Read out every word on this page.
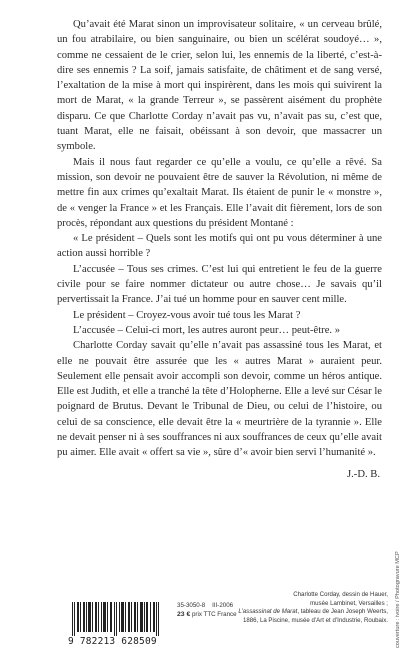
Qu’avait été Marat sinon un improvisateur solitaire, « un cerveau brûlé, un fou atrabilaire, ou bien sanguinaire, ou bien un scélérat soudoyé… », comme ne cessaient de le crier, selon lui, les ennemis de la liberté, c’est-à-dire ses ennemis ? La soif, jamais satisfaite, de châtiment et de sang versé, l’exaltation de la mise à mort qui inspirèrent, dans les mois qui suivirent la mort de Marat, « la grande Terreur », se passèrent aisément du prophète disparu. Ce que Charlotte Corday n’avait pas vu, n’avait pas su, c’est que, tuant Marat, elle ne faisait, obéissant à son devoir, que massacrer un symbole.

Mais il nous faut regarder ce qu’elle a voulu, ce qu’elle a rêvé. Sa mission, son devoir ne pouvaient être de sauver la Révolution, ni même de mettre fin aux crimes qu’exaltait Marat. Ils étaient de punir le « monstre », de « venger la France » et les Français. Elle l’avait dit fièrement, lors de son procès, répondant aux questions du président Montané :

« Le président – Quels sont les motifs qui ont pu vous déterminer à une action aussi horrible ?

L’accusée – Tous ses crimes. C’est lui qui entretient le feu de la guerre civile pour se faire nommer dictateur ou autre chose… Je savais qu’il pervertissait la France. J’ai tué un homme pour en sauver cent mille.

Le président – Croyez-vous avoir tué tous les Marat ?

L’accusée – Celui-ci mort, les autres auront peur… peut-être. »

Charlotte Corday savait qu’elle n’avait pas assassiné tous les Marat, et elle ne pouvait être assurée que les « autres Marat » auraient peur. Seulement elle pensait avoir accompli son devoir, comme un héros antique. Elle est Judith, et elle a tranché la tête d’Holopherne. Elle a levé sur César le poignard de Brutus. Devant le Tribunal de Dieu, ou celui de l’histoire, ou celui de sa conscience, elle devait être la « meurtrière de la tyrannie ». Elle ne devait penser ni à ses souffrances ni aux souffrances de ceux qu’elle avait pu aimer. Elle avait « offert sa vie », sûre d’« avoir bien servi l’humanité ».

J.-D. B.

9 782213 628509
35-3050-8 III-2006
23 € prix TTC France
Charlotte Corday, dessin de Hauer,
musée Lambinet, Versailles ;
L’assassinat de Marat, tableau de Jean Joseph Weerts,
1886, La Piscine, musée d’Art et d’Industrie, Roubaix. couverture : ivoire / Photogravure MCP
